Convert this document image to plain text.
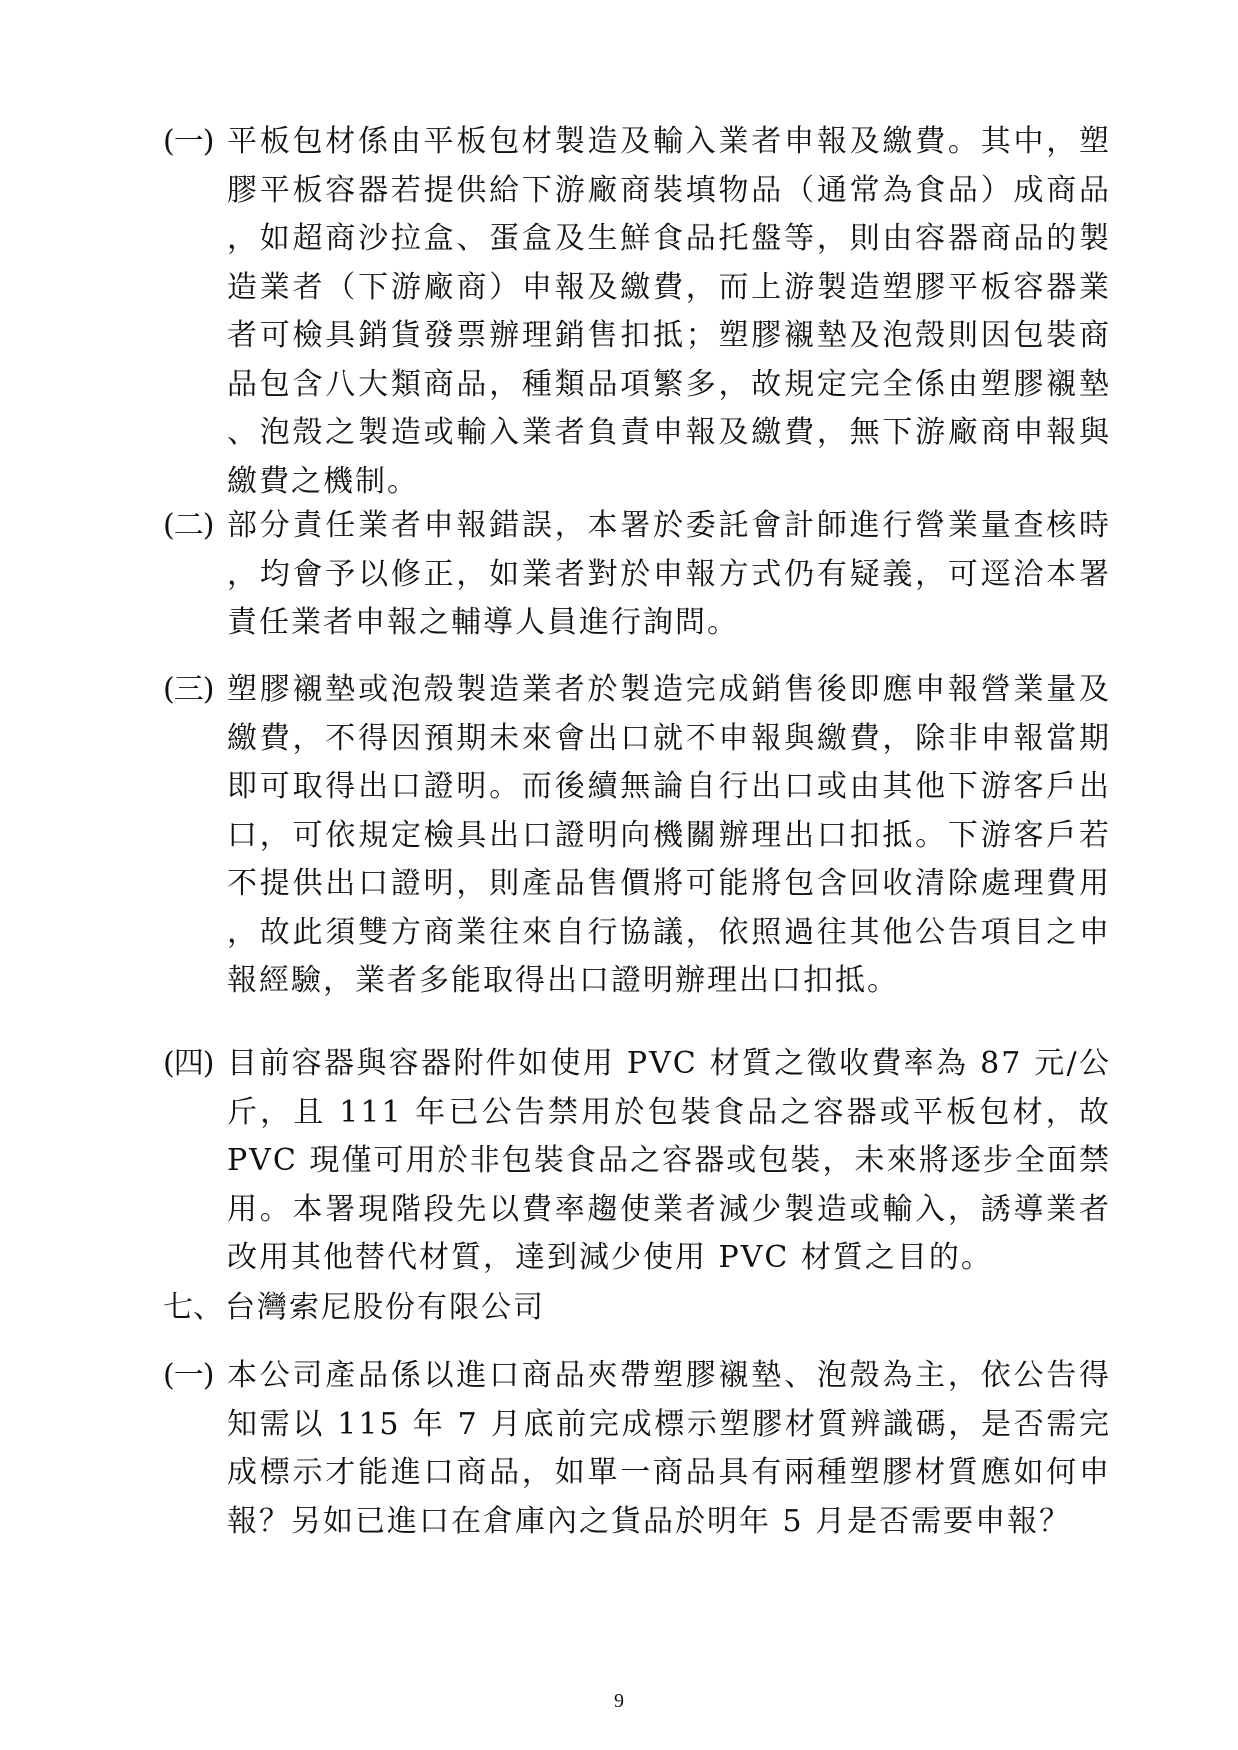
(一) 平板包材係由平板包材製造及輸入業者申報及繳費。其中，塑膠平板容器若提供給下游廠商裝填物品（通常為食品）成商品，如超商沙拉盒、蛋盒及生鮮食品托盤等，則由容器商品的製造業者（下游廠商）申報及繳費，而上游製造塑膠平板容器業者可檢具銷貨發票辦理銷售扣抵；塑膠襯墊及泡殼則因包裝商品包含八大類商品，種類品項繁多，故規定完全係由塑膠襯墊、泡殼之製造或輸入業者負責申報及繳費，無下游廠商申報與繳費之機制。
(二) 部分責任業者申報錯誤，本署於委託會計師進行營業量查核時，均會予以修正，如業者對於申報方式仍有疑義，可逕洽本署責任業者申報之輔導人員進行詢問。
(三) 塑膠襯墊或泡殼製造業者於製造完成銷售後即應申報營業量及繳費，不得因預期未來會出口就不申報與繳費，除非申報當期即可取得出口證明。而後續無論自行出口或由其他下游客戶出口，可依規定檢具出口證明向機關辦理出口扣抵。下游客戶若不提供出口證明，則產品售價將可能將包含回收清除處理費用，故此須雙方商業往來自行協議，依照過往其他公告項目之申報經驗，業者多能取得出口證明辦理出口扣抵。
(四) 目前容器與容器附件如使用 PVC 材質之徵收費率為 87 元/公斤，且 111 年已公告禁用於包裝食品之容器或平板包材，故 PVC 現僅可用於非包裝食品之容器或包裝，未來將逐步全面禁用。本署現階段先以費率趨使業者減少製造或輸入，誘導業者改用其他替代材質，達到減少使用 PVC 材質之目的。
七、 台灣索尼股份有限公司
(一) 本公司產品係以進口商品夾帶塑膠襯墊、泡殼為主，依公告得知需以 115 年 7 月底前完成標示塑膠材質辨識碼，是否需完成標示才能進口商品，如單一商品具有兩種塑膠材質應如何申報？另如已進口在倉庫內之貨品於明年 5 月是否需要申報？
9
